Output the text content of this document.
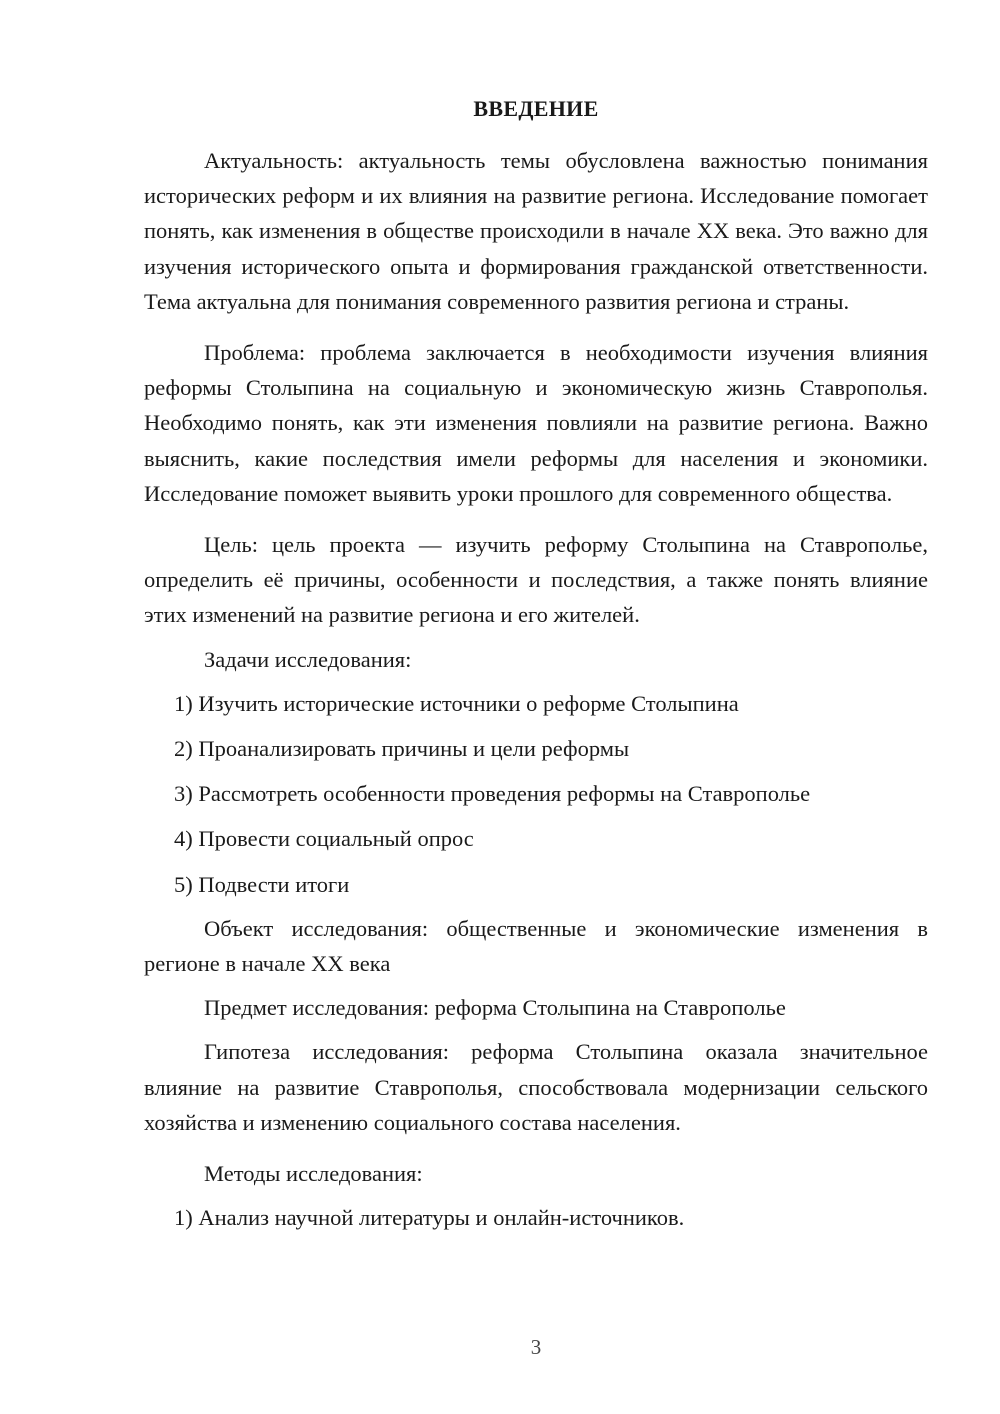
ВВЕДЕНИЕ

Актуальность: актуальность темы обусловлена важностью понимания исторических реформ и их влияния на развитие региона. Исследование помогает понять, как изменения в обществе происходили в начале XX века. Это важно для изучения исторического опыта и формирования гражданской ответственности. Тема актуальна для понимания современного развития региона и страны.

Проблема: проблема заключается в необходимости изучения влияния реформы Столыпина на социальную и экономическую жизнь Ставрополья. Необходимо понять, как эти изменения повлияли на развитие региона. Важно выяснить, какие последствия имели реформы для населения и экономики. Исследование поможет выявить уроки прошлого для современного общества.

Цель: цель проекта — изучить реформу Столыпина на Ставрополье, определить её причины, особенности и последствия, а также понять влияние этих изменений на развитие региона и его жителей.

Задачи исследования:

1) Изучить исторические источники о реформе Столыпина

2) Проанализировать причины и цели реформы

3) Рассмотреть особенности проведения реформы на Ставрополье

4) Провести социальный опрос

5) Подвести итоги

Объект исследования: общественные и экономические изменения в регионе в начале XX века

Предмет исследования: реформа Столыпина на Ставрополье

Гипотеза исследования: реформа Столыпина оказала значительное влияние на развитие Ставрополья, способствовала модернизации сельского хозяйства и изменению социального состава населения.

Методы исследования:

1) Анализ научной литературы и онлайн-источников.

3
